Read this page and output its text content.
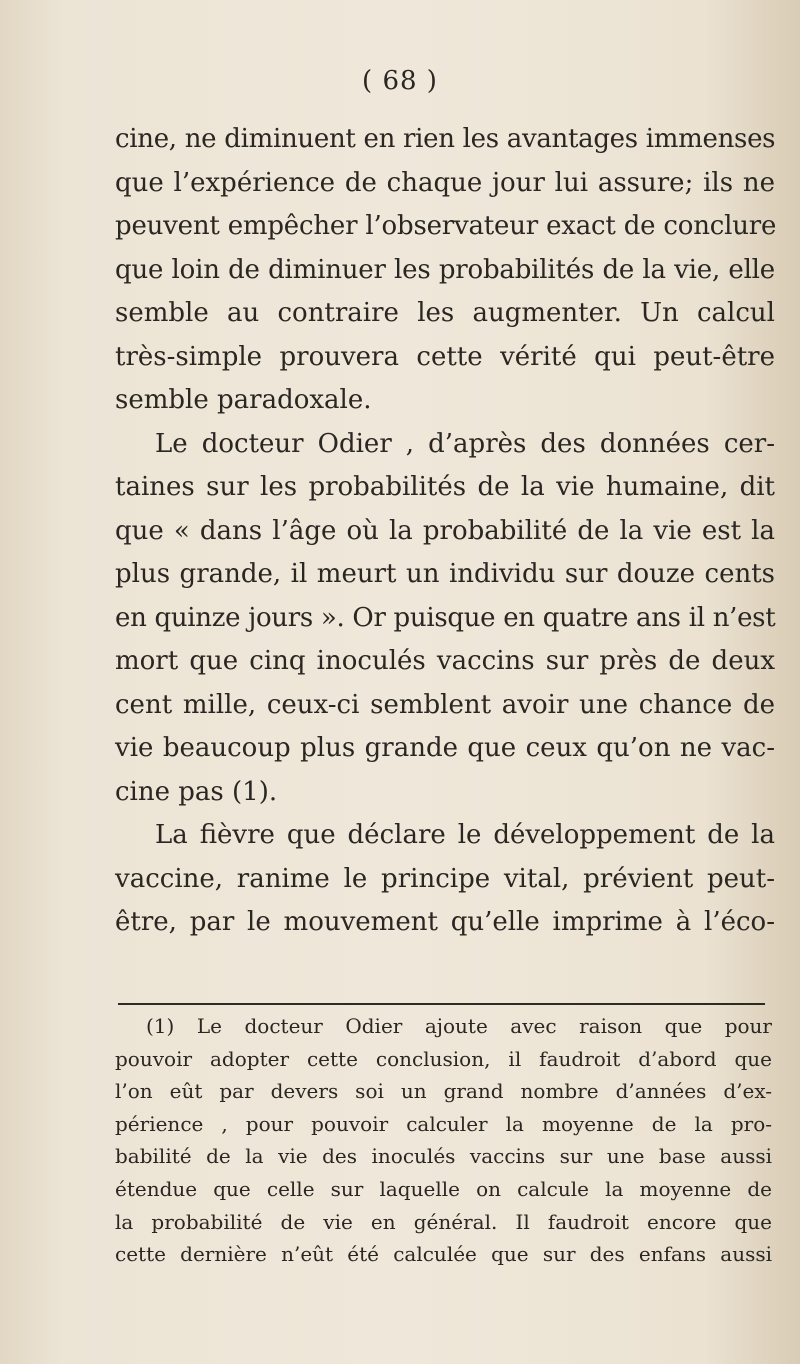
( 68 )
cine, ne diminuent en rien les avantages immenses
que l’expérience de chaque jour lui assure; ils ne
peuvent empêcher l’observateur exact de conclure
que loin de diminuer les probabilités de la vie, elle
semble au contraire les augmenter. Un calcul
très-simple prouvera cette vérité qui peut-être
semble paradoxale.
Le docteur Odier , d’après des données cer-
taines sur les probabilités de la vie humaine, dit
que « dans l’âge où la probabilité de la vie est la
plus grande, il meurt un individu sur douze cents
en quinze jours ». Or puisque en quatre ans il n’est
mort que cinq inoculés vaccins sur près de deux
cent mille, ceux-ci semblent avoir une chance de
vie beaucoup plus grande que ceux qu’on ne vac-
cine pas (1).
La fièvre que déclare le développement de la
vaccine, ranime le principe vital, prévient peut-
être, par le mouvement qu’elle imprime à l’éco-
(1) Le docteur Odier ajoute avec raison que pour
pouvoir adopter cette conclusion, il faudroit d’abord que
l’on eût par devers soi un grand nombre d’années d’ex-
périence , pour pouvoir calculer la moyenne de la pro-
babilité de la vie des inoculés vaccins sur une base aussi
étendue que celle sur laquelle on calcule la moyenne de
la probabilité de vie en général. Il faudroit encore que
cette dernière n’eût été calculée que sur des enfans aussi
